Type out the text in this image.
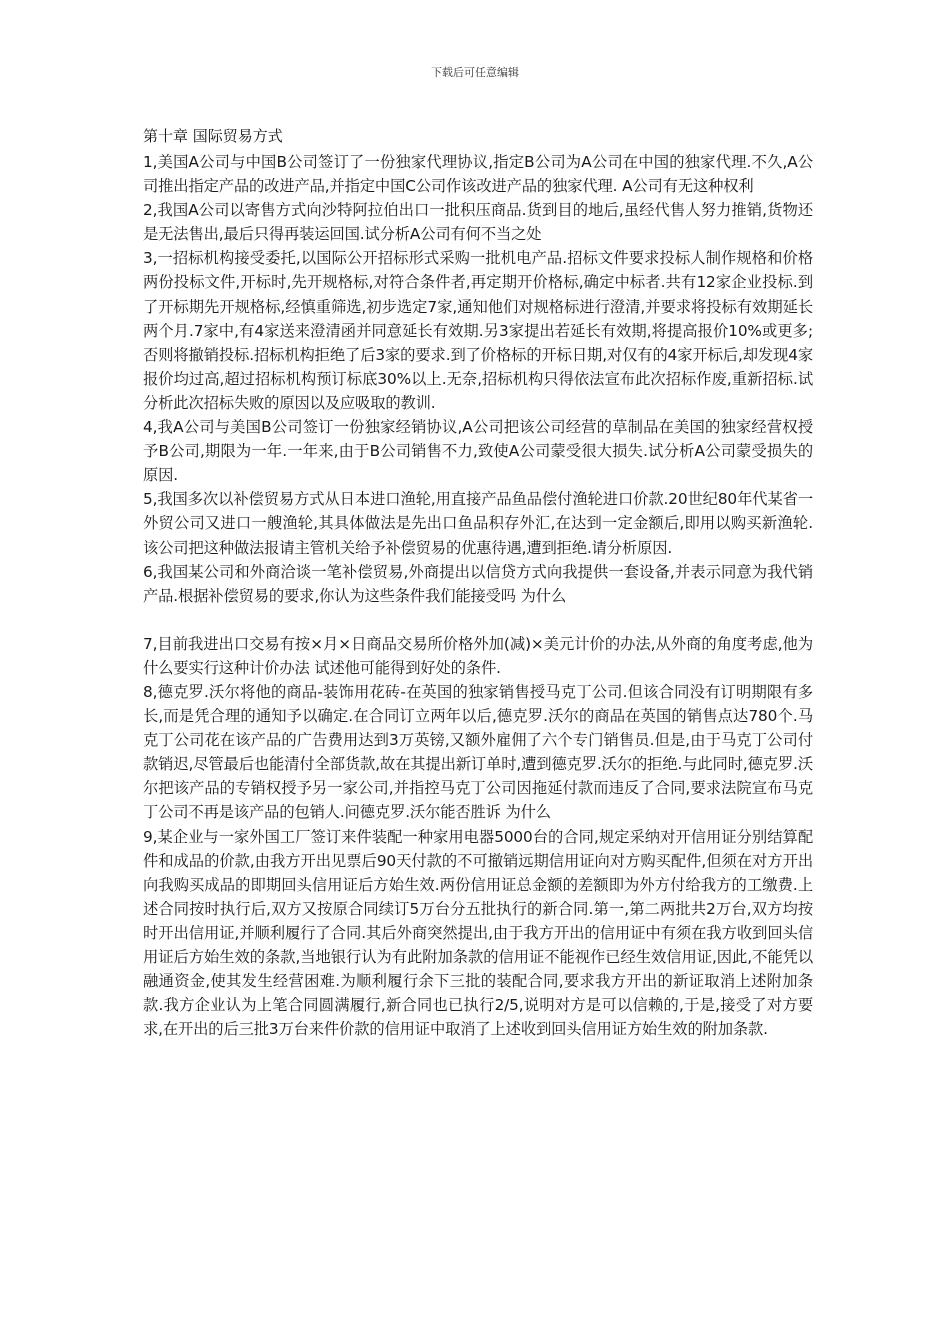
下载后可任意编辑
第十章 国际贸易方式

1,美国A公司与中国B公司签订了一份独家代理协议,指定B公司为A公司在中国的独家代理.不久,A公司推出指定产品的改进产品,并指定中国C公司作该改进产品的独家代理. A公司有无这种权利

2,我国A公司以寄售方式向沙特阿拉伯出口一批积压商品.货到目的地后,虽经代售人努力推销,货物还是无法售出,最后只得再装运回国.试分析A公司有何不当之处

3,一招标机构接受委托,以国际公开招标形式采购一批机电产品.招标文件要求投标人制作规格和价格两份投标文件,开标时,先开规格标,对符合条件者,再定期开价格标,确定中标者.共有12家企业投标.到了开标期先开规格标,经慎重筛选,初步选定7家,通知他们对规格标进行澄清,并要求将投标有效期延长两个月.7家中,有4家送来澄清函并同意延长有效期.另3家提出若延长有效期,将提高报价10%或更多;否则将撤销投标.招标机构拒绝了后3家的要求.到了价格标的开标日期,对仅有的4家开标后,却发现4家报价均过高,超过招标机构预订标底30%以上.无奈,招标机构只得依法宣布此次招标作废,重新招标.试分析此次招标失败的原因以及应吸取的教训.

4,我A公司与美国B公司签订一份独家经销协议,A公司把该公司经营的草制品在美国的独家经营权授予B公司,期限为一年.一年来,由于B公司销售不力,致使A公司蒙受很大损失.试分析A公司蒙受损失的原因.

5,我国多次以补偿贸易方式从日本进口渔轮,用直接产品鱼品偿付渔轮进口价款.20世纪80年代某省一外贸公司又进口一艘渔轮,其具体做法是先出口鱼品积存外汇,在达到一定金额后,即用以购买新渔轮.该公司把这种做法报请主管机关给予补偿贸易的优惠待遇,遭到拒绝.请分析原因.

6,我国某公司和外商洽谈一笔补偿贸易,外商提出以信贷方式向我提供一套设备,并表示同意为我代销产品.根据补偿贸易的要求,你认为这些条件我们能接受吗 为什么

7,目前我进出口交易有按×月×日商品交易所价格外加(减)×美元计价的办法,从外商的角度考虑,他为什么要实行这种计价办法 试述他可能得到好处的条件.

8,德克罗.沃尔将他的商品-装饰用花砖-在英国的独家销售授马克丁公司.但该合同没有订明期限有多长,而是凭合理的通知予以确定.在合同订立两年以后,德克罗.沃尔的商品在英国的销售点达780个.马克丁公司花在该产品的广告费用达到3万英镑,又额外雇佣了六个专门销售员.但是,由于马克丁公司付款销迟,尽管最后也能清付全部货款,故在其提出新订单时,遭到德克罗.沃尔的拒绝.与此同时,德克罗.沃尔把该产品的专销权授予另一家公司,并指控马克丁公司因拖延付款而违反了合同,要求法院宣布马克丁公司不再是该产品的包销人.问德克罗.沃尔能否胜诉 为什么

9,某企业与一家外国工厂签订来件装配一种家用电器5000台的合同,规定采纳对开信用证分别结算配件和成品的价款,由我方开出见票后90天付款的不可撤销远期信用证向对方购买配件,但须在对方开出向我购买成品的即期回头信用证后方始生效.两份信用证总金额的差额即为外方付给我方的工缴费.上述合同按时执行后,双方又按原合同续订5万台分五批执行的新合同.第一,第二两批共2万台,双方均按时开出信用证,并顺利履行了合同.其后外商突然提出,由于我方开出的信用证中有须在我方收到回头信用证后方始生效的条款,当地银行认为有此附加条款的信用证不能视作已经生效信用证,因此,不能凭以融通资金,使其发生经营困难.为顺利履行余下三批的装配合同,要求我方开出的新证取消上述附加条款.我方企业认为上笔合同圆满履行,新合同也已执行2/5,说明对方是可以信赖的,于是,接受了对方要求,在开出的后三批3万台来件价款的信用证中取消了上述收到回头信用证方始生效的附加条款.
